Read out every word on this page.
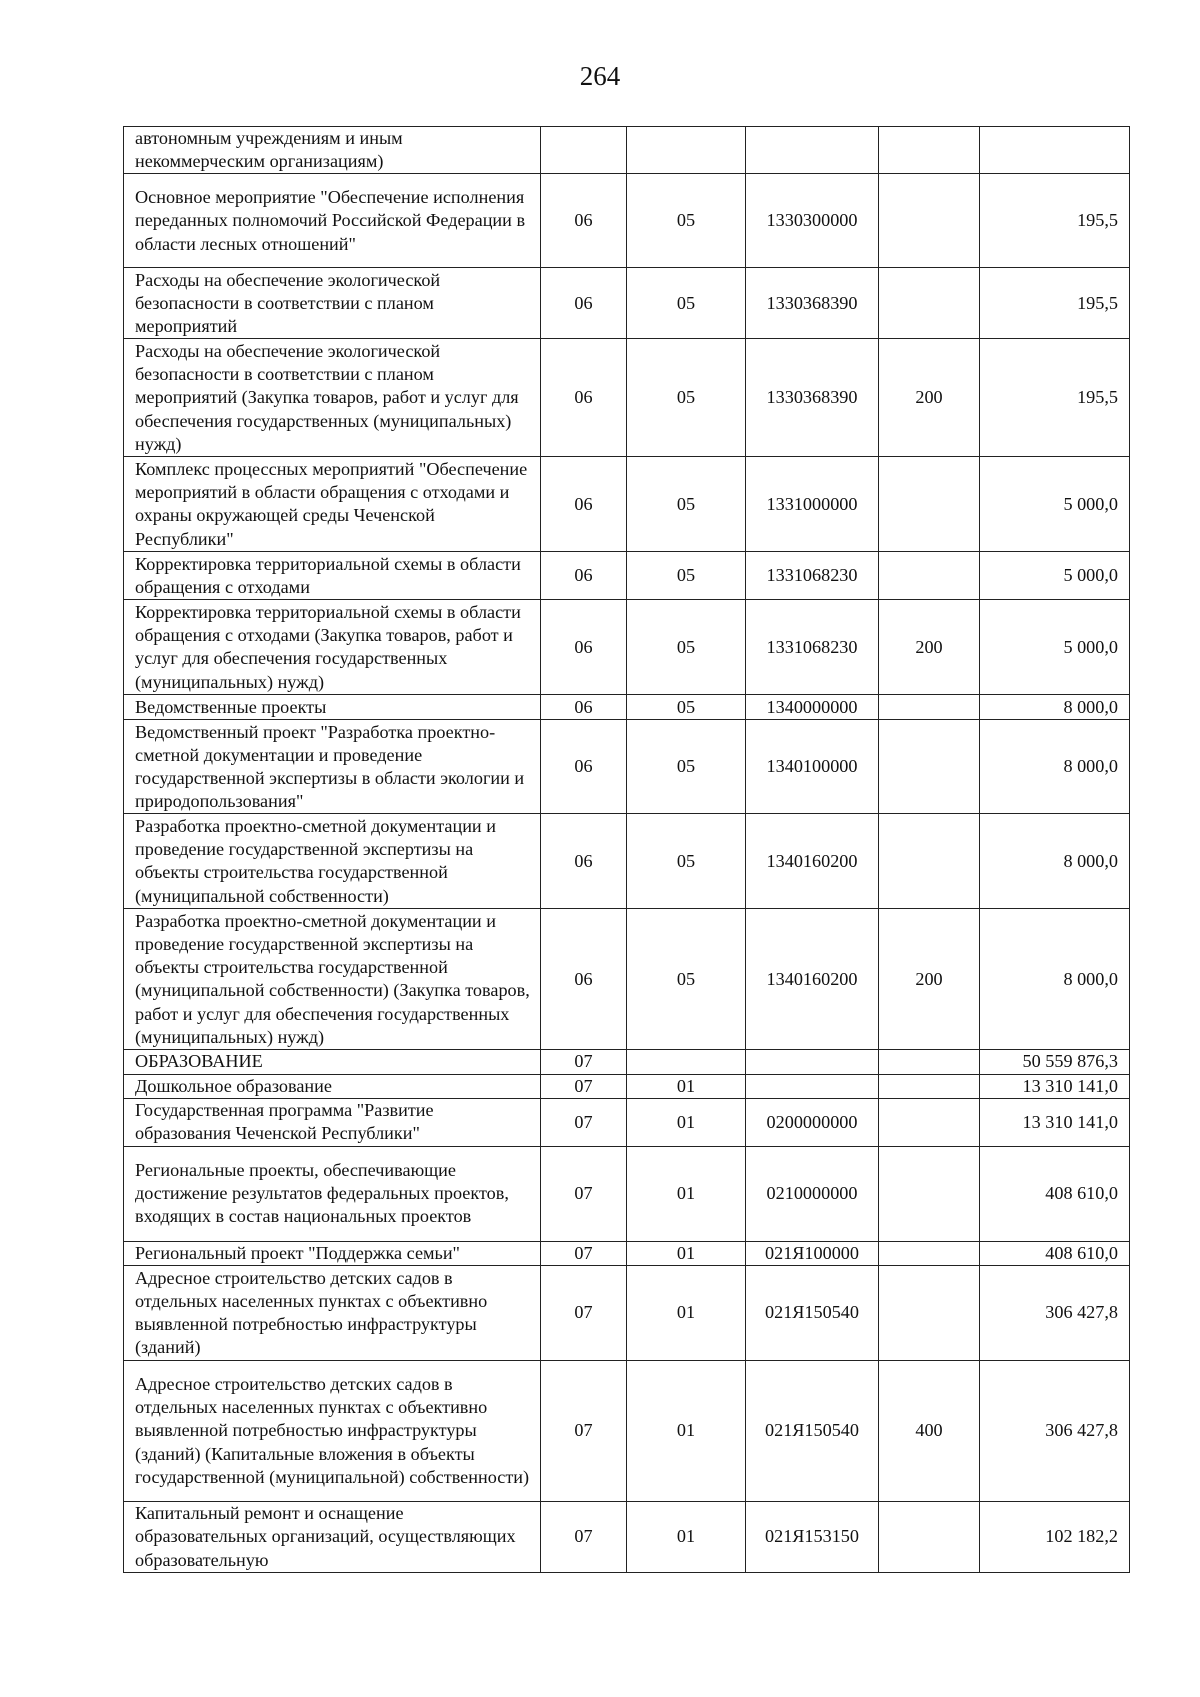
264
автономным учреждениям и иным некоммерческим организациям)					
Основное мероприятие "Обеспечение исполнения переданных полномочий Российской Федерации в области лесных отношений"	06	05	1330300000		195,5
Расходы на обеспечение экологической безопасности в соответствии с планом мероприятий	06	05	1330368390		195,5
Расходы на обеспечение экологической безопасности в соответствии с планом мероприятий (Закупка товаров, работ и услуг для обеспечения государственных (муниципальных) нужд)	06	05	1330368390	200	195,5
Комплекс процессных мероприятий "Обеспечение мероприятий в области обращения с отходами и охраны окружающей среды Чеченской Республики"	06	05	1331000000		5 000,0
Корректировка территориальной схемы в области обращения с отходами	06	05	1331068230		5 000,0
Корректировка территориальной схемы в области обращения с отходами (Закупка товаров, работ и услуг для обеспечения государственных (муниципальных) нужд)	06	05	1331068230	200	5 000,0
Ведомственные проекты	06	05	1340000000		8 000,0
Ведомственный проект "Разработка проектно-сметной документации и проведение государственной экспертизы в области экологии и природопользования"	06	05	1340100000		8 000,0
Разработка проектно-сметной документации и проведение государственной экспертизы на объекты строительства государственной (муниципальной собственности)	06	05	1340160200		8 000,0
Разработка проектно-сметной документации и проведение государственной экспертизы на объекты строительства государственной (муниципальной собственности) (Закупка товаров, работ и услуг для обеспечения государственных (муниципальных) нужд)	06	05	1340160200	200	8 000,0
ОБРАЗОВАНИЕ	07				50 559 876,3
Дошкольное образование	07	01			13 310 141,0
Государственная программа "Развитие образования Чеченской Республики"	07	01	0200000000		13 310 141,0
Региональные проекты, обеспечивающие достижение результатов федеральных проектов, входящих в состав национальных проектов	07	01	0210000000		408 610,0
Региональный проект "Поддержка семьи"	07	01	021Я100000		408 610,0
Адресное строительство детских садов в отдельных населенных пунктах с объективно выявленной потребностью инфраструктуры (зданий)	07	01	021Я150540		306 427,8
Адресное строительство детских садов в отдельных населенных пунктах с объективно выявленной потребностью инфраструктуры (зданий) (Капитальные вложения в объекты государственной (муниципальной) собственности)	07	01	021Я150540	400	306 427,8
Капитальный ремонт и оснащение образовательных организаций, осуществляющих образовательную	07	01	021Я153150		102 182,2
